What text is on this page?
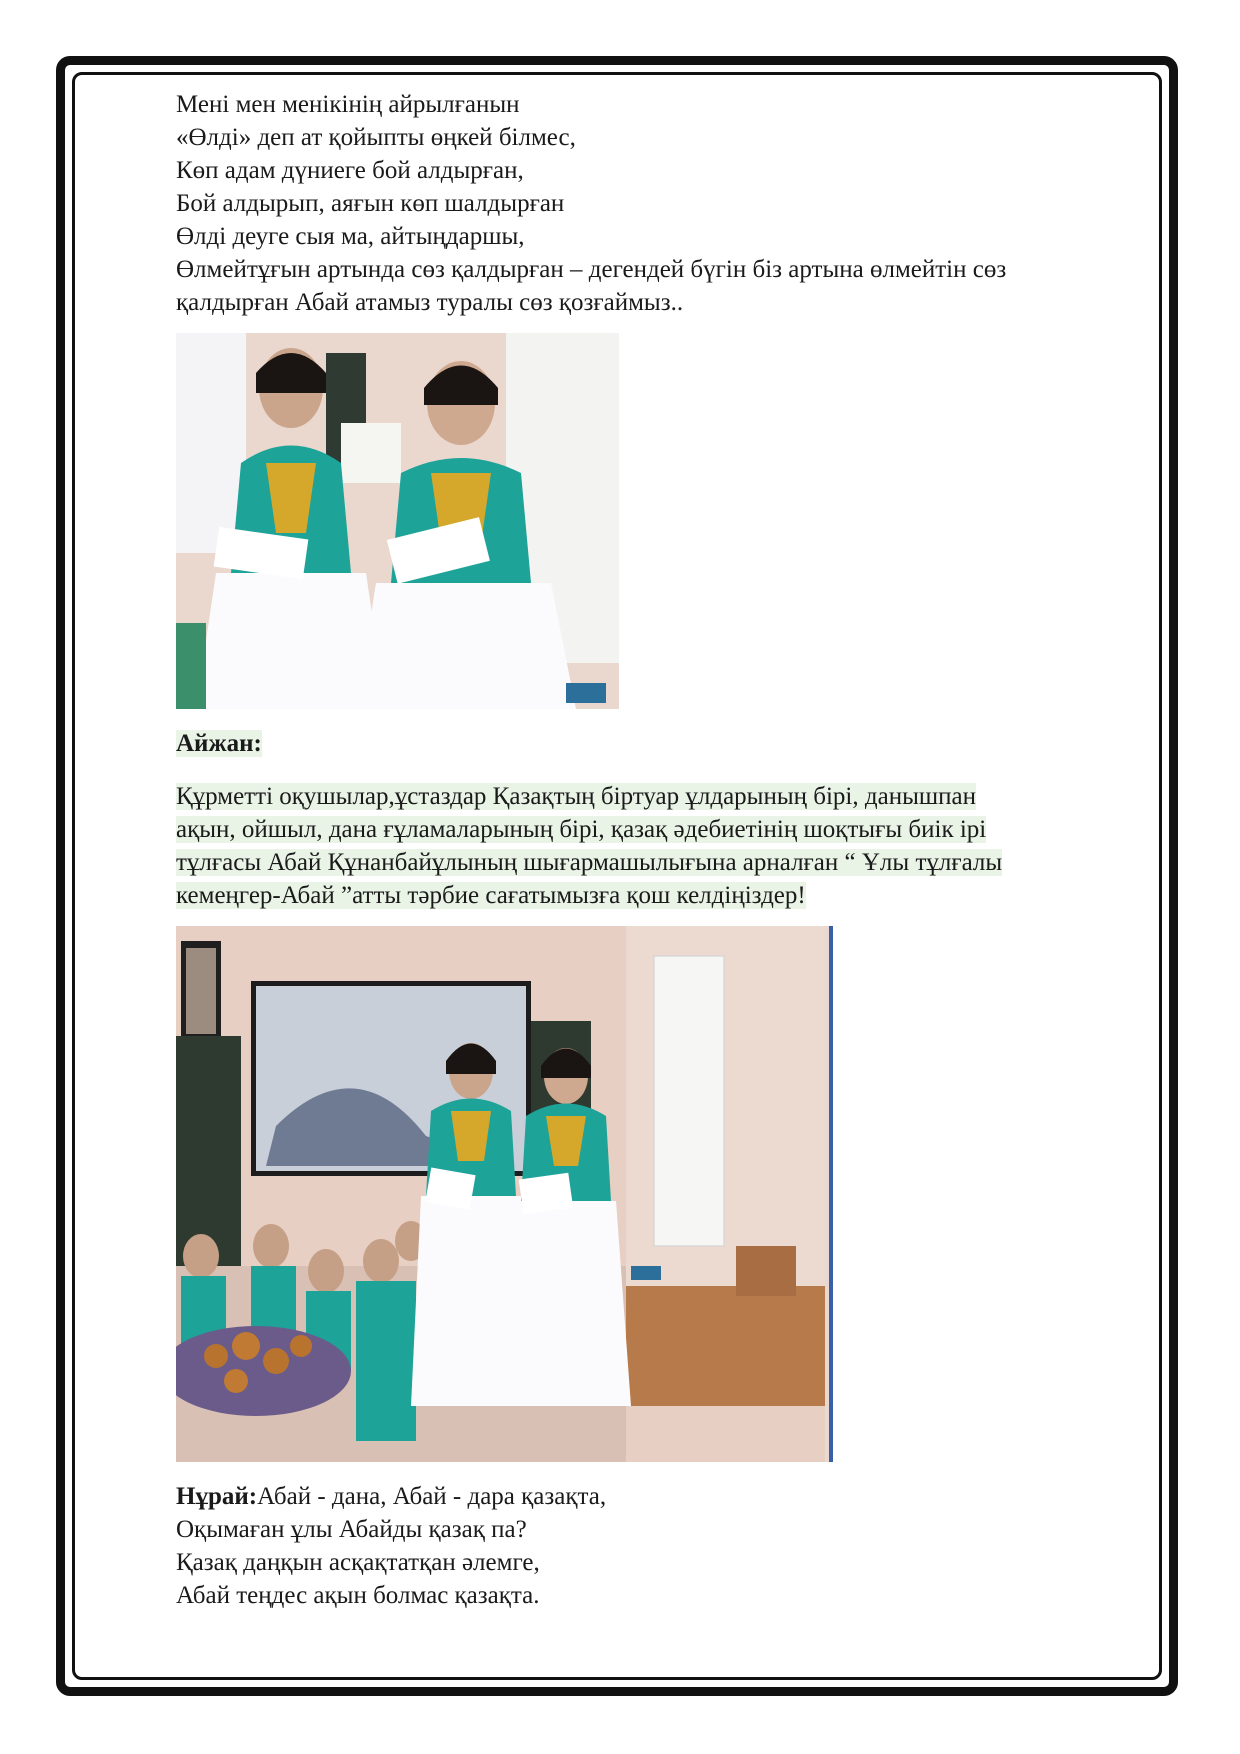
Мені мен менікінің айрылғанын
«Өлді» деп ат қойыпты өңкей білмес,
Көп адам дүниеге бой алдырған,
Бой алдырып, аяғын көп шалдырған
Өлді деуге сыя ма, айтыңдаршы,
Өлмейтұғын артында сөз қалдырған – дегендей бүгін біз артына өлмейтін сөз
қалдырған Абай атамыз туралы сөз қозғаймыз..
Айжан:
Құрметті оқушылар,ұстаздар Қазақтың біртуар ұлдарының бірі, данышпан
ақын, ойшыл, дана ғұламаларының бірі, қазақ әдебиетінің шоқтығы биік ірі
тұлғасы Абай Құнанбайұлының шығармашылығына арналған “ Ұлы тұлғалы
кемеңгер-Абай ”атты тәрбие сағатымызға қош келдіңіздер!
Нұрай:Абай - дана, Абай - дара қазақта,
Оқымаған ұлы Абайды қазақ па?
Қазақ даңқын асқақтатқан әлемге,
Абай теңдес ақын болмас қазақта.
